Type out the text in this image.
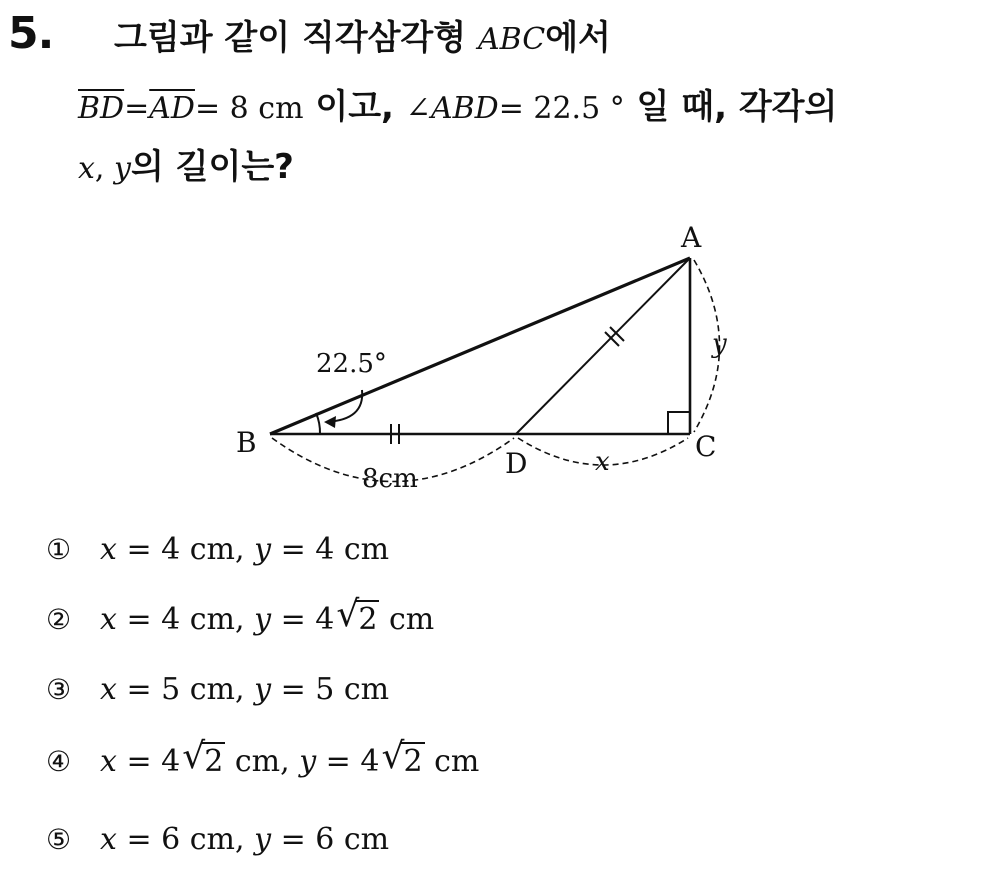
5. 그림과 같이 직각삼각형 ABC에서
$\overline{BD}=\overline{AD}= 8$ cm 이고, ∠ABD= 22.5 ° 일 때, 각각의
x, y의 길이는?
A
B	C
D
22.5°
8cm
x
y
① x = 4 cm, y = 4 cm
② x = 4 cm, y = 4 √ 2 cm
③ x = 5 cm, y = 5 cm
④ x = 4 √ 2 cm, y = 4 √ 2 cm
⑤ x = 6 cm, y = 6 cm
